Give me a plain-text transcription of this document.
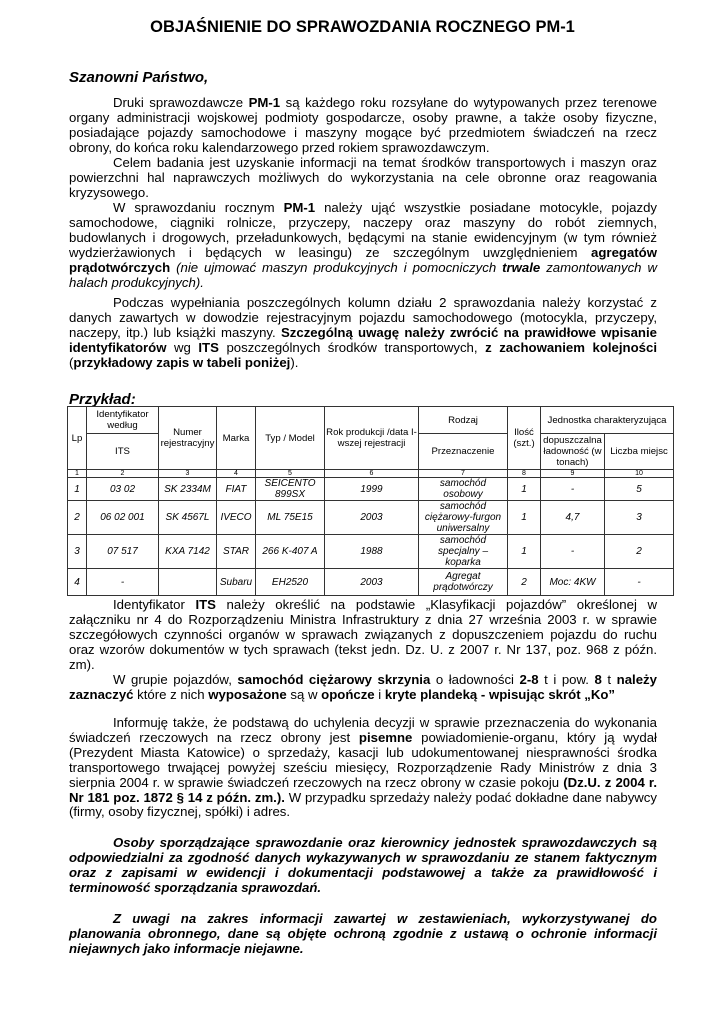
OBJAŚNIENIE DO SPRAWOZDANIA ROCZNEGO PM-1
Szanowni Państwo,
Druki sprawozdawcze PM-1 są każdego roku rozsyłane do wytypowanych przez terenowe organy administracji wojskowej podmioty gospodarcze, osoby prawne, a także osoby fizyczne, posiadające pojazdy samochodowe i maszyny mogące być przedmiotem świadczeń na rzecz obrony, do końca roku kalendarzowego przed rokiem sprawozdawczym.
Celem badania jest uzyskanie informacji na temat środków transportowych i maszyn oraz powierzchni hal naprawczych możliwych do wykorzystania na cele obronne oraz reagowania kryzysowego.
W sprawozdaniu rocznym PM-1 należy ująć wszystkie posiadane motocykle, pojazdy samochodowe, ciągniki rolnicze, przyczepy, naczepy oraz maszyny do robót ziemnych, budowlanych i drogowych, przeładunkowych, będącymi na stanie ewidencyjnym (w tym również wydzierżawionych i będących w leasingu) ze szczególnym uwzględnieniem agregatów prądotwórczych (nie ujmować maszyn produkcyjnych i pomocniczych trwale zamontowanych w halach produkcyjnych).
Podczas wypełniania poszczególnych kolumn działu 2 sprawozdania należy korzystać z danych zawartych w dowodzie rejestracyjnym pojazdu samochodowego (motocykla, przyczepy, naczepy, itp.) lub książki maszyny. Szczególną uwagę należy zwrócić na prawidłowe wpisanie identyfikatorów wg ITS poszczególnych środków transportowych, z zachowaniem kolejności (przykładowy zapis w tabeli poniżej).
Przykład:
Lp	Identyfikator według	Numer rejestracyjny	Marka	Typ / Model	Rok produkcji /data I-wszej rejestracji	Rodzaj	Ilość (szt.)	Jednostka charakteryzująca	
	ITS					Przeznaczenie		dopuszczalna ładowność (w tonach)	Liczba miejsc
1	2	3	4	5	6	7	8	9	10
1	03 02	SK 2334M	FIAT	SEICENTO 899SX	1999	samochód osobowy	1	-	5
2	06 02 001	SK 4567L	IVECO	ML 75E15	2003	samochód ciężarowy-furgon uniwersalny	1	4,7	3
3	07 517	KXA 7142	STAR	266 K-407 A	1988	samochód specjalny – koparka	1	-	2
4	-		Subaru	EH2520	2003	Agregat prądotwórczy	2	Moc: 4KW	-
Identyfikator ITS należy określić na podstawie „Klasyfikacji pojazdów” określonej w załączniku nr 4 do Rozporządzeniu Ministra Infrastruktury z dnia 27 września 2003 r. w sprawie szczegółowych czynności organów w sprawach związanych z dopuszczeniem pojazdu do ruchu oraz wzorów dokumentów w tych sprawach (tekst jedn. Dz. U. z 2007 r. Nr 137, poz. 968 z późn. zm).
W grupie pojazdów, samochód ciężarowy skrzynia o ładowności 2-8 t i pow. 8 t należy zaznaczyć które z nich wyposażone są w opończe i kryte plandeką - wpisując skrót „Ko”
Informuję także, że podstawą do uchylenia decyzji w sprawie przeznaczenia do wykonania świadczeń rzeczowych na rzecz obrony jest pisemne powiadomienie-organu, który ją wydał (Prezydent Miasta Katowice) o sprzedaży, kasacji lub udokumentowanej niesprawności środka transportowego trwającej powyżej sześciu miesięcy, Rozporządzenie Rady Ministrów z dnia 3 sierpnia 2004 r. w sprawie świadczeń rzeczowych na rzecz obrony w czasie pokoju (Dz.U. z 2004 r. Nr 181 poz. 1872 § 14 z późn. zm.). W przypadku sprzedaży należy podać dokładne dane nabywcy (firmy, osoby fizycznej, spółki) i adres.
Osoby sporządzające sprawozdanie oraz kierownicy jednostek sprawozdawczych są odpowiedzialni za zgodność danych wykazywanych w sprawozdaniu ze stanem faktycznym oraz z zapisami w ewidencji i dokumentacji podstawowej a także za prawidłowość i terminowość sporządzania sprawozdań.
Z uwagi na zakres informacji zawartej w zestawieniach, wykorzystywanej do planowania obronnego, dane są objęte ochroną zgodnie z ustawą o ochronie informacji niejawnych jako informacje niejawne.
